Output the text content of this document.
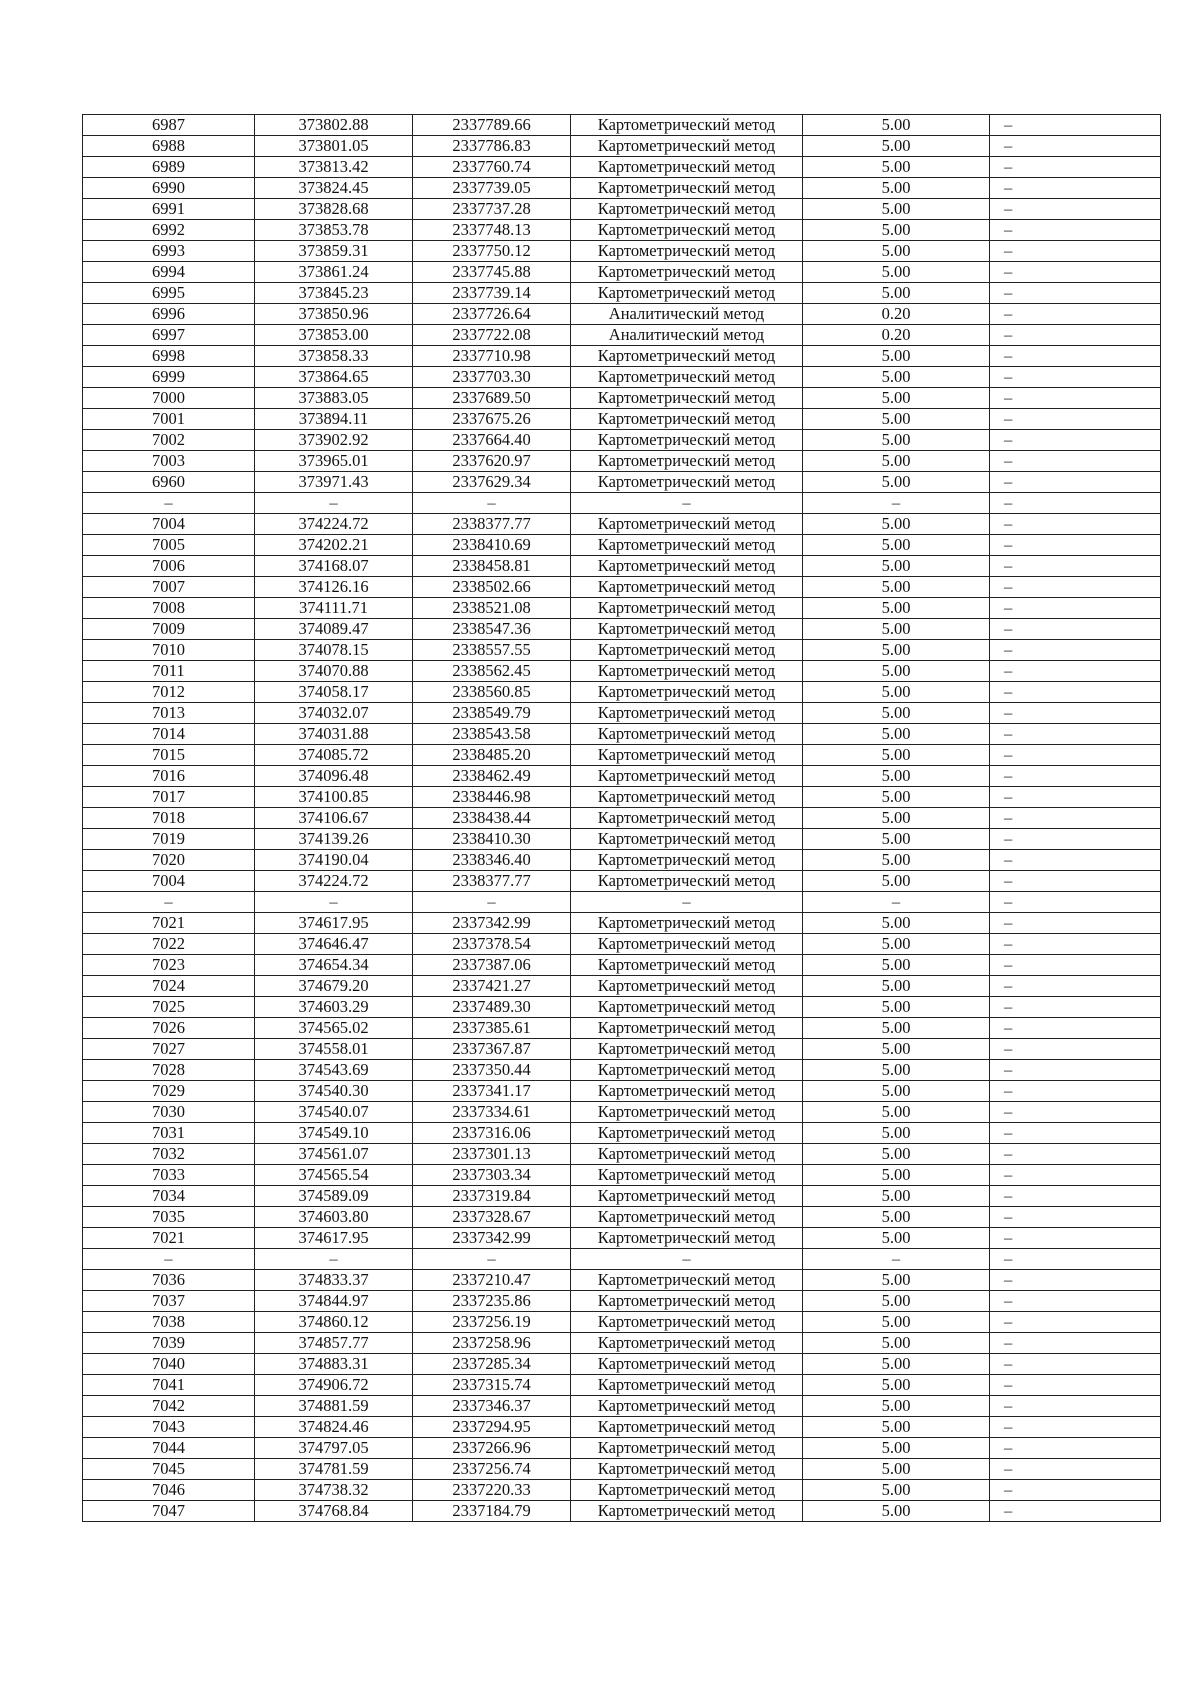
6987	373802.88	2337789.66	Картометрический метод	5.00	–
6988	373801.05	2337786.83	Картометрический метод	5.00	–
6989	373813.42	2337760.74	Картометрический метод	5.00	–
6990	373824.45	2337739.05	Картометрический метод	5.00	–
6991	373828.68	2337737.28	Картометрический метод	5.00	–
6992	373853.78	2337748.13	Картометрический метод	5.00	–
6993	373859.31	2337750.12	Картометрический метод	5.00	–
6994	373861.24	2337745.88	Картометрический метод	5.00	–
6995	373845.23	2337739.14	Картометрический метод	5.00	–
6996	373850.96	2337726.64	Аналитический метод	0.20	–
6997	373853.00	2337722.08	Аналитический метод	0.20	–
6998	373858.33	2337710.98	Картометрический метод	5.00	–
6999	373864.65	2337703.30	Картометрический метод	5.00	–
7000	373883.05	2337689.50	Картометрический метод	5.00	–
7001	373894.11	2337675.26	Картометрический метод	5.00	–
7002	373902.92	2337664.40	Картометрический метод	5.00	–
7003	373965.01	2337620.97	Картометрический метод	5.00	–
6960	373971.43	2337629.34	Картометрический метод	5.00	–
–	–	–	–	–	–
7004	374224.72	2338377.77	Картометрический метод	5.00	–
7005	374202.21	2338410.69	Картометрический метод	5.00	–
7006	374168.07	2338458.81	Картометрический метод	5.00	–
7007	374126.16	2338502.66	Картометрический метод	5.00	–
7008	374111.71	2338521.08	Картометрический метод	5.00	–
7009	374089.47	2338547.36	Картометрический метод	5.00	–
7010	374078.15	2338557.55	Картометрический метод	5.00	–
7011	374070.88	2338562.45	Картометрический метод	5.00	–
7012	374058.17	2338560.85	Картометрический метод	5.00	–
7013	374032.07	2338549.79	Картометрический метод	5.00	–
7014	374031.88	2338543.58	Картометрический метод	5.00	–
7015	374085.72	2338485.20	Картометрический метод	5.00	–
7016	374096.48	2338462.49	Картометрический метод	5.00	–
7017	374100.85	2338446.98	Картометрический метод	5.00	–
7018	374106.67	2338438.44	Картометрический метод	5.00	–
7019	374139.26	2338410.30	Картометрический метод	5.00	–
7020	374190.04	2338346.40	Картометрический метод	5.00	–
7004	374224.72	2338377.77	Картометрический метод	5.00	–
–	–	–	–	–	–
7021	374617.95	2337342.99	Картометрический метод	5.00	–
7022	374646.47	2337378.54	Картометрический метод	5.00	–
7023	374654.34	2337387.06	Картометрический метод	5.00	–
7024	374679.20	2337421.27	Картометрический метод	5.00	–
7025	374603.29	2337489.30	Картометрический метод	5.00	–
7026	374565.02	2337385.61	Картометрический метод	5.00	–
7027	374558.01	2337367.87	Картометрический метод	5.00	–
7028	374543.69	2337350.44	Картометрический метод	5.00	–
7029	374540.30	2337341.17	Картометрический метод	5.00	–
7030	374540.07	2337334.61	Картометрический метод	5.00	–
7031	374549.10	2337316.06	Картометрический метод	5.00	–
7032	374561.07	2337301.13	Картометрический метод	5.00	–
7033	374565.54	2337303.34	Картометрический метод	5.00	–
7034	374589.09	2337319.84	Картометрический метод	5.00	–
7035	374603.80	2337328.67	Картометрический метод	5.00	–
7021	374617.95	2337342.99	Картометрический метод	5.00	–
–	–	–	–	–	–
7036	374833.37	2337210.47	Картометрический метод	5.00	–
7037	374844.97	2337235.86	Картометрический метод	5.00	–
7038	374860.12	2337256.19	Картометрический метод	5.00	–
7039	374857.77	2337258.96	Картометрический метод	5.00	–
7040	374883.31	2337285.34	Картометрический метод	5.00	–
7041	374906.72	2337315.74	Картометрический метод	5.00	–
7042	374881.59	2337346.37	Картометрический метод	5.00	–
7043	374824.46	2337294.95	Картометрический метод	5.00	–
7044	374797.05	2337266.96	Картометрический метод	5.00	–
7045	374781.59	2337256.74	Картометрический метод	5.00	–
7046	374738.32	2337220.33	Картометрический метод	5.00	–
7047	374768.84	2337184.79	Картометрический метод	5.00	–
